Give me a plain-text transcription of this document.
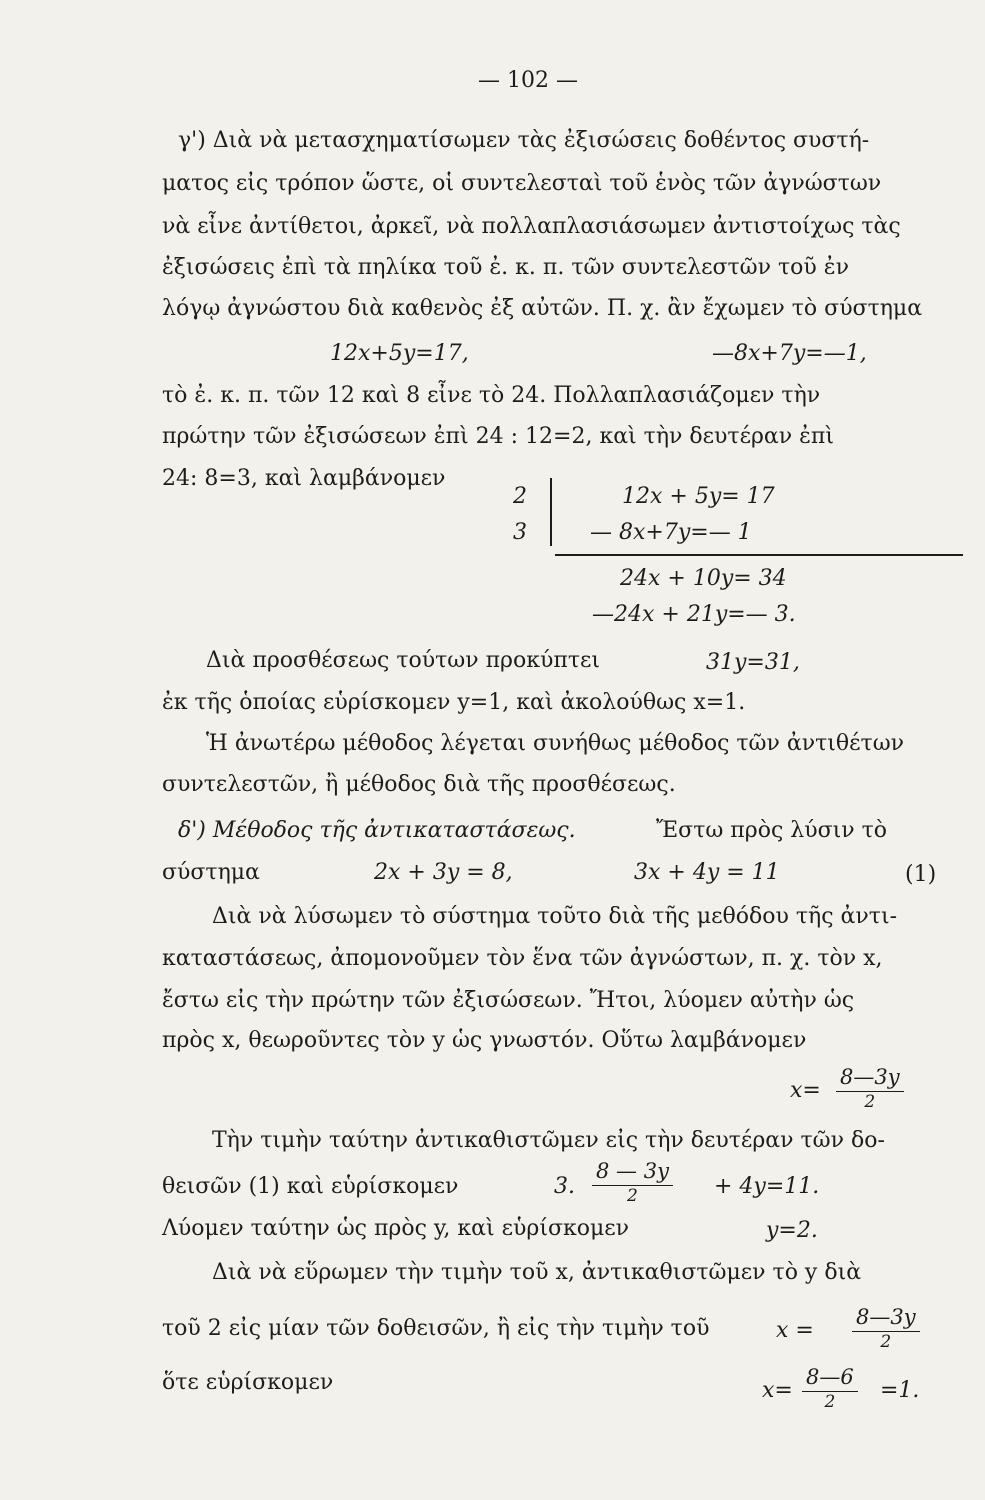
— 102 —
γ') Διὰ νὰ μετασχηματίσωμεν τὰς ἐξισώσεις δοθέντος συστή-
ματος εἰς τρόπον ὥστε, οἱ συντελεσταὶ τοῦ ἑνὸς τῶν ἀγνώστων
νὰ εἶνε ἀντίθετοι, ἀρκεῖ, νὰ πολλαπλασιάσωμεν ἀντιστοίχως τὰς
ἐξισώσεις ἐπὶ τὰ πηλίκα τοῦ ἐ. κ. π. τῶν συντελεστῶν τοῦ ἐν
λόγῳ ἀγνώστου διὰ καθενὸς ἐξ αὐτῶν. Π. χ. ἂν ἔχωμεν τὸ σύστημα
12x+5y=17,	—8x+7y=—1,
τὸ ἐ. κ. π. τῶν 12 καὶ 8 εἶνε τὸ 24. Πολλαπλασιάζομεν τὴν
πρώτην τῶν ἐξισώσεων ἐπὶ 24 : 12=2, καὶ τὴν δευτέραν ἐπὶ
24: 8=3, καὶ λαμβάνομεν
2
3
12x + 5y= 17
— 8x+7y=— 1
24x + 10y= 34
—24x + 21y=— 3.
Διὰ προσθέσεως τούτων προκύπτει	31y=31,
ἐκ τῆς ὁποίας εὑρίσκομεν y=1, καὶ ἀκολούθως x=1.
Ἡ ἀνωτέρω μέθοδος λέγεται συνήθως μέθοδος τῶν ἀντιθέτων
συντελεστῶν, ἢ μέθοδος διὰ τῆς προσθέσεως.
δ') Μέθοδος τῆς ἀντικαταστάσεως.	Ἔστω πρὸς λύσιν τὸ
σύστημα	2x + 3y = 8,	3x + 4y = 11	(1)
Διὰ νὰ λύσωμεν τὸ σύστημα τοῦτο διὰ τῆς μεθόδου τῆς ἀντι-
καταστάσεως, ἀπομονοῦμεν τὸν ἕνα τῶν ἀγνώστων, π. χ. τὸν x,
ἔστω εἰς τὴν πρώτην τῶν ἐξισώσεων. Ἤτοι, λύομεν αὐτὴν ὡς
πρὸς x, θεωροῦντες τὸν y ὡς γνωστόν. Οὕτω λαμβάνομεν
x=
8—3y
2
Τὴν τιμὴν ταύτην ἀντικαθιστῶμεν εἰς τὴν δευτέραν τῶν δο-
θεισῶν (1) καὶ εὑρίσκομεν	3.
8 — 3y
2	+ 4y=11.
Λύομεν ταύτην ὡς πρὸς y, καὶ εὑρίσκομεν	y=2.
Διὰ νὰ εὕρωμεν τὴν τιμὴν τοῦ x, ἀντικαθιστῶμεν τὸ y διὰ
τοῦ 2 εἰς μίαν τῶν δοθεισῶν, ἢ εἰς τὴν τιμὴν τοῦ	x =
8—3y
2
ὅτε εὑρίσκομεν	x=
8—6
2	=1.
